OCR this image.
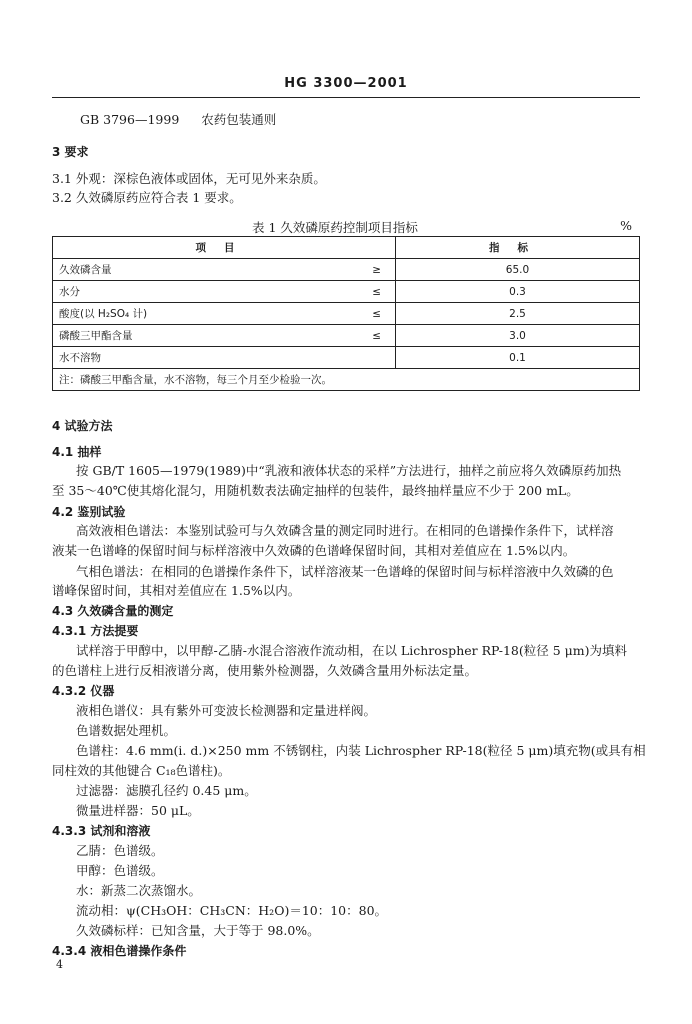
HG 3300—2001
GB 3796—1999 农药包装通则
3 要求
3.1 外观：深棕色液体或固体，无可见外来杂质。
3.2 久效磷原药应符合表 1 要求。
表 1 久效磷原药控制项目指标	%
项目		指标
久效磷含量	≥	65.0
水分	≤	0.3
酸度(以 H₂SO₄ 计)	≤	2.5
磷酸三甲酯含量	≤	3.0
水不溶物		0.1
注：磷酸三甲酯含量，水不溶物，每三个月至少检验一次。		
4 试验方法
4.1 抽样
按 GB/T 1605—1979(1989)中“乳液和液体状态的采样”方法进行，抽样之前应将久效磷原药加热
至 35～40℃使其熔化混匀，用随机数表法确定抽样的包装件，最终抽样量应不少于 200 mL。
4.2 鉴别试验
高效液相色谱法：本鉴别试验可与久效磷含量的测定同时进行。在相同的色谱操作条件下，试样溶
液某一色谱峰的保留时间与标样溶液中久效磷的色谱峰保留时间，其相对差值应在 1.5%以内。
气相色谱法：在相同的色谱操作条件下，试样溶液某一色谱峰的保留时间与标样溶液中久效磷的色
谱峰保留时间，其相对差值应在 1.5%以内。
4.3 久效磷含量的测定
4.3.1 方法提要
试样溶于甲醇中，以甲醇-乙腈-水混合溶液作流动相，在以 Lichrospher RP-18(粒径 5 μm)为填料
的色谱柱上进行反相液谱分离，使用紫外检测器，久效磷含量用外标法定量。
4.3.2 仪器
液相色谱仪：具有紫外可变波长检测器和定量进样阀。
色谱数据处理机。
色谱柱：4.6 mm(i. d.)×250 mm 不锈钢柱，内装 Lichrospher RP-18(粒径 5 μm)填充物(或具有相
同柱效的其他键合 C₁₈色谱柱)。
过滤器：滤膜孔径约 0.45 μm。
微量进样器：50 μL。
4.3.3 试剂和溶液
乙腈：色谱级。
甲醇：色谱级。
水：新蒸二次蒸馏水。
流动相：ψ(CH₃OH：CH₃CN：H₂O)＝10：10：80。
久效磷标样：已知含量，大于等于 98.0%。
4.3.4 液相色谱操作条件
4
